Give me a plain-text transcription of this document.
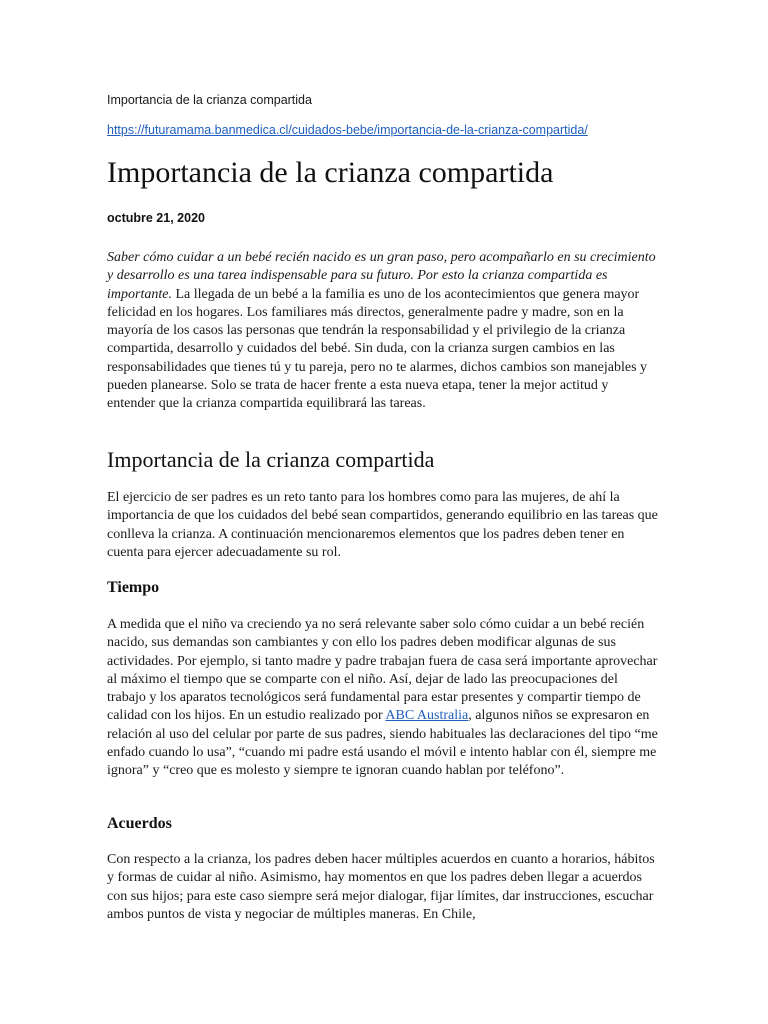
Importancia de la crianza compartida
https://futuramama.banmedica.cl/cuidados-bebe/importancia-de-la-crianza-compartida/
Importancia de la crianza compartida
octubre 21, 2020

Saber cómo cuidar a un bebé recién nacido es un gran paso, pero acompañarlo en su crecimiento y desarrollo es una tarea indispensable para su futuro. Por esto la crianza compartida es importante. La llegada de un bebé a la familia es uno de los acontecimientos que genera mayor felicidad en los hogares. Los familiares más directos, generalmente padre y madre, son en la mayoría de los casos las personas que tendrán la responsabilidad y el privilegio de la crianza compartida, desarrollo y cuidados del bebé. Sin duda, con la crianza surgen cambios en las responsabilidades que tienes tú y tu pareja, pero no te alarmes, dichos cambios son manejables y pueden planearse. Solo se trata de hacer frente a esta nueva etapa, tener la mejor actitud y entender que la crianza compartida equilibrará las tareas.

Importancia de la crianza compartida

El ejercicio de ser padres es un reto tanto para los hombres como para las mujeres, de ahí la importancia de que los cuidados del bebé sean compartidos, generando equilibrio en las tareas que conlleva la crianza. A continuación mencionaremos elementos que los padres deben tener en cuenta para ejercer adecuadamente su rol.

Tiempo

A medida que el niño va creciendo ya no será relevante saber solo cómo cuidar a un bebé recién nacido, sus demandas son cambiantes y con ello los padres deben modificar algunas de sus actividades. Por ejemplo, si tanto madre y padre trabajan fuera de casa será importante aprovechar al máximo el tiempo que se comparte con el niño. Así, dejar de lado las preocupaciones del trabajo y los aparatos tecnológicos será fundamental para estar presentes y compartir tiempo de calidad con los hijos. En un estudio realizado por ABC Australia, algunos niños se expresaron en relación al uso del celular por parte de sus padres, siendo habituales las declaraciones del tipo “me enfado cuando lo usa”, “cuando mi padre está usando el móvil e intento hablar con él, siempre me ignora” y “creo que es molesto y siempre te ignoran cuando hablan por teléfono”.

Acuerdos

Con respecto a la crianza, los padres deben hacer múltiples acuerdos en cuanto a horarios, hábitos y formas de cuidar al niño. Asimismo, hay momentos en que los padres deben llegar a acuerdos con sus hijos; para este caso siempre será mejor dialogar, fijar límites, dar instrucciones, escuchar ambos puntos de vista y negociar de múltiples maneras. En Chile,
